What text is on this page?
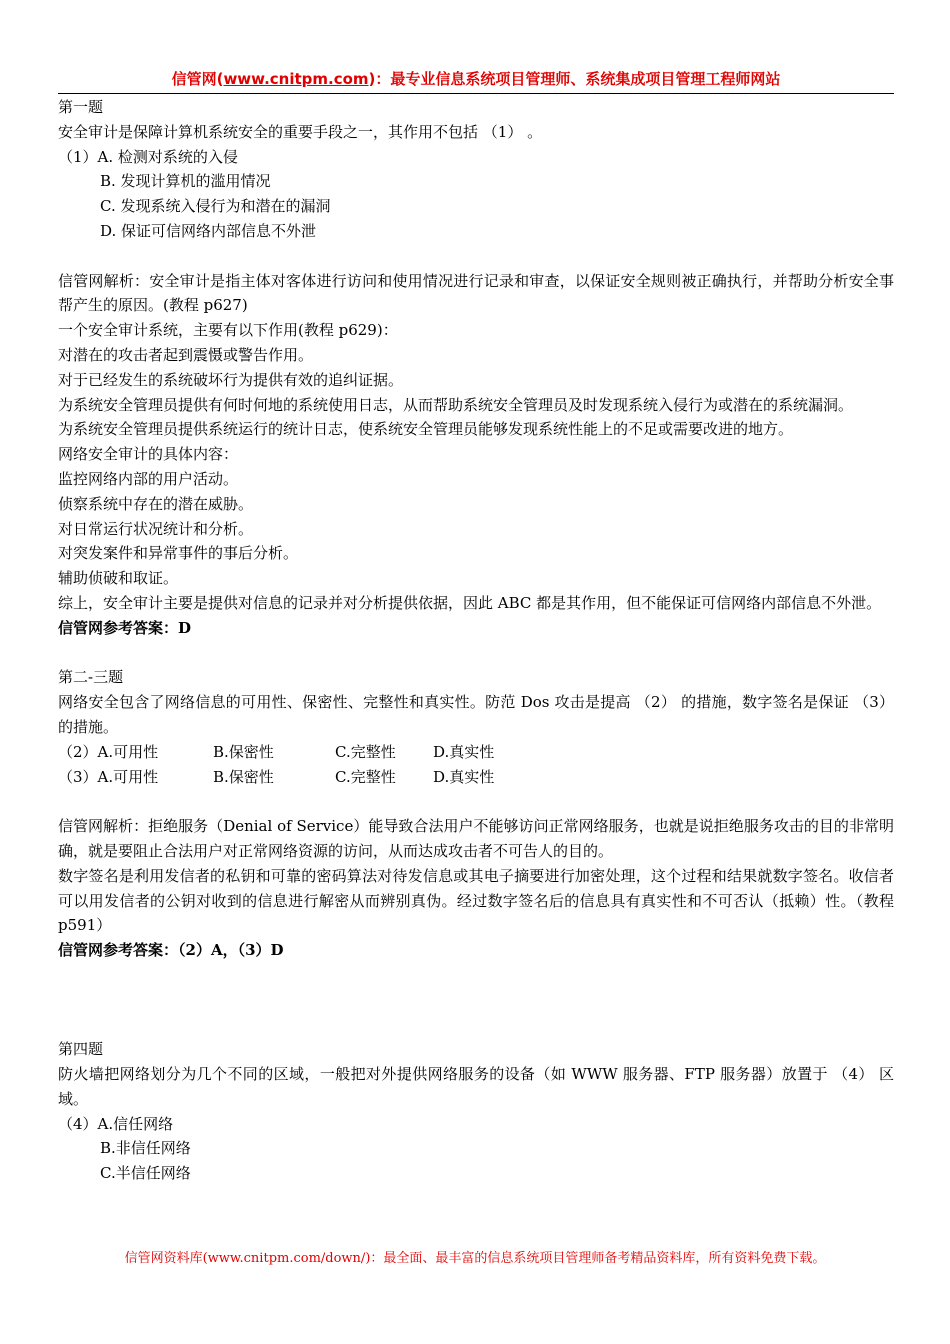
信管网(www.cnitpm.com)：最专业信息系统项目管理师、系统集成项目管理工程师网站
第一题
安全审计是保障计算机系统安全的重要手段之一，其作用不包括 （1） 。
（1）A. 检测对系统的入侵
B. 发现计算机的滥用情况
C. 发现系统入侵行为和潜在的漏洞
D. 保证可信网络内部信息不外泄
信管网解析：安全审计是指主体对客体进行访问和使用情况进行记录和审查，以保证安全规则被正确执行，并帮助分析安全事帮产生的原因。(教程 p627)
一个安全审计系统，主要有以下作用(教程 p629)：
对潜在的攻击者起到震慑或警告作用。
对于已经发生的系统破坏行为提供有效的追纠证据。
为系统安全管理员提供有何时何地的系统使用日志，从而帮助系统安全管理员及时发现系统入侵行为或潜在的系统漏洞。
为系统安全管理员提供系统运行的统计日志，使系统安全管理员能够发现系统性能上的不足或需要改进的地方。
网络安全审计的具体内容：
监控网络内部的用户活动。
侦察系统中存在的潜在威胁。
对日常运行状况统计和分析。
对突发案件和异常事件的事后分析。
辅助侦破和取证。
综上，安全审计主要是提供对信息的记录并对分析提供依据，因此 ABC 都是其作用，但不能保证可信网络内部信息不外泄。
信管网参考答案：D
第二-三题
网络安全包含了网络信息的可用性、保密性、完整性和真实性。防范 Dos 攻击是提高 （2） 的措施，数字签名是保证 （3） 的措施。
（2）A.可用性	B.保密性	C.完整性 D.真实性
（3）A.可用性	B.保密性	C.完整性 D.真实性
信管网解析：拒绝服务（Denial of Service）能导致合法用户不能够访问正常网络服务，也就是说拒绝服务攻击的目的非常明确，就是要阻止合法用户对正常网络资源的访问，从而达成攻击者不可告人的目的。
数字签名是利用发信者的私钥和可靠的密码算法对待发信息或其电子摘要进行加密处理，这个过程和结果就数字签名。收信者可以用发信者的公钥对收到的信息进行解密从而辨别真伪。经过数字签名后的信息具有真实性和不可否认（抵赖）性。（教程 p591）
信管网参考答案：（2）A，（3）D
第四题
防火墙把网络划分为几个不同的区域，一般把对外提供网络服务的设备（如 WWW 服务器、FTP 服务器）放置于 （4） 区域。
（4）A.信任网络
B.非信任网络
C.半信任网络
信管网资料库(www.cnitpm.com/down/)：最全面、最丰富的信息系统项目管理师备考精品资料库，所有资料免费下载。
